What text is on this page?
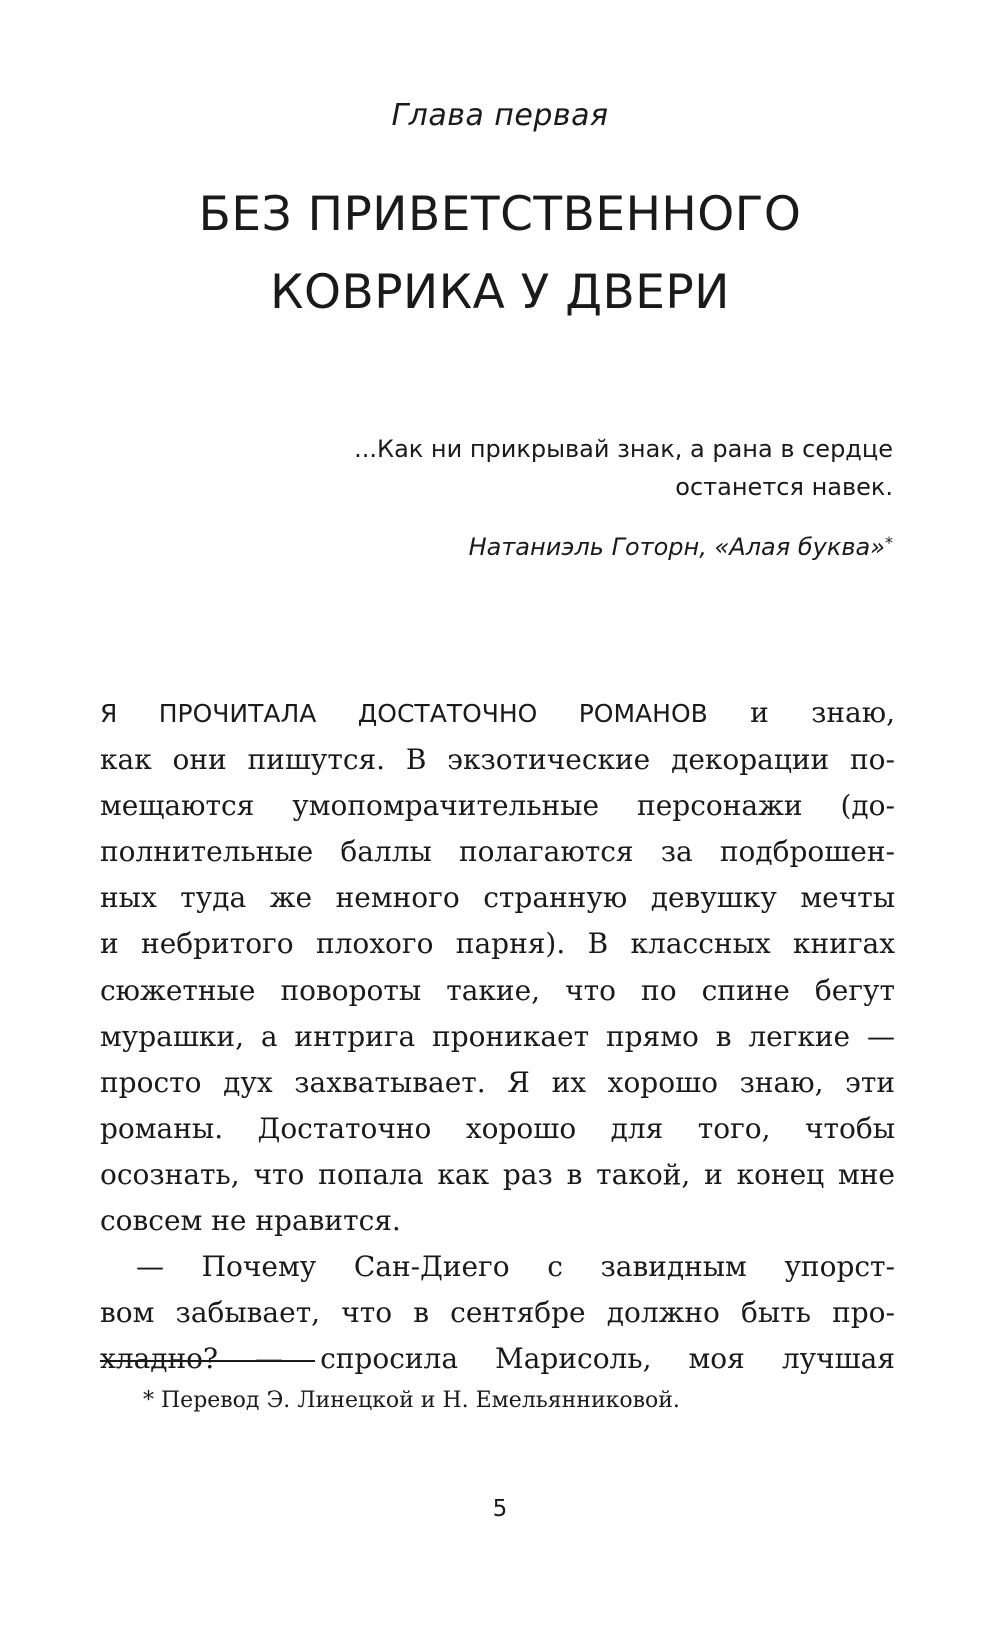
Глава первая
БЕЗ ПРИВЕТСТВЕННОГО
КОВРИКА У ДВЕРИ
...Как ни прикрывай знак, а рана в сердце
останется навек.
Натаниэль Готорн, «Алая буква»*
Я ПРОЧИТАЛА ДОСТАТОЧНО РОМАНОВ и знаю,
как они пишутся. В экзотические декорации по-
мещаются умопомрачительные персонажи (до-
полнительные баллы полагаются за подброшен-
ных туда же немного странную девушку мечты
и небритого плохого парня). В классных книгах
сюжетные повороты такие, что по спине бегут
мурашки, а интрига проникает прямо в легкие —
просто дух захватывает. Я их хорошо знаю, эти
романы. Достаточно хорошо для того, чтобы
осознать, что попала как раз в такой, и конец мне
совсем не нравится.
— Почему Сан-Диего с завидным упорст-
вом забывает, что в сентябре должно быть про-
хладно? — спросила Марисоль, моя лучшая
* Перевод Э. Линецкой и Н. Емельянниковой.
5
